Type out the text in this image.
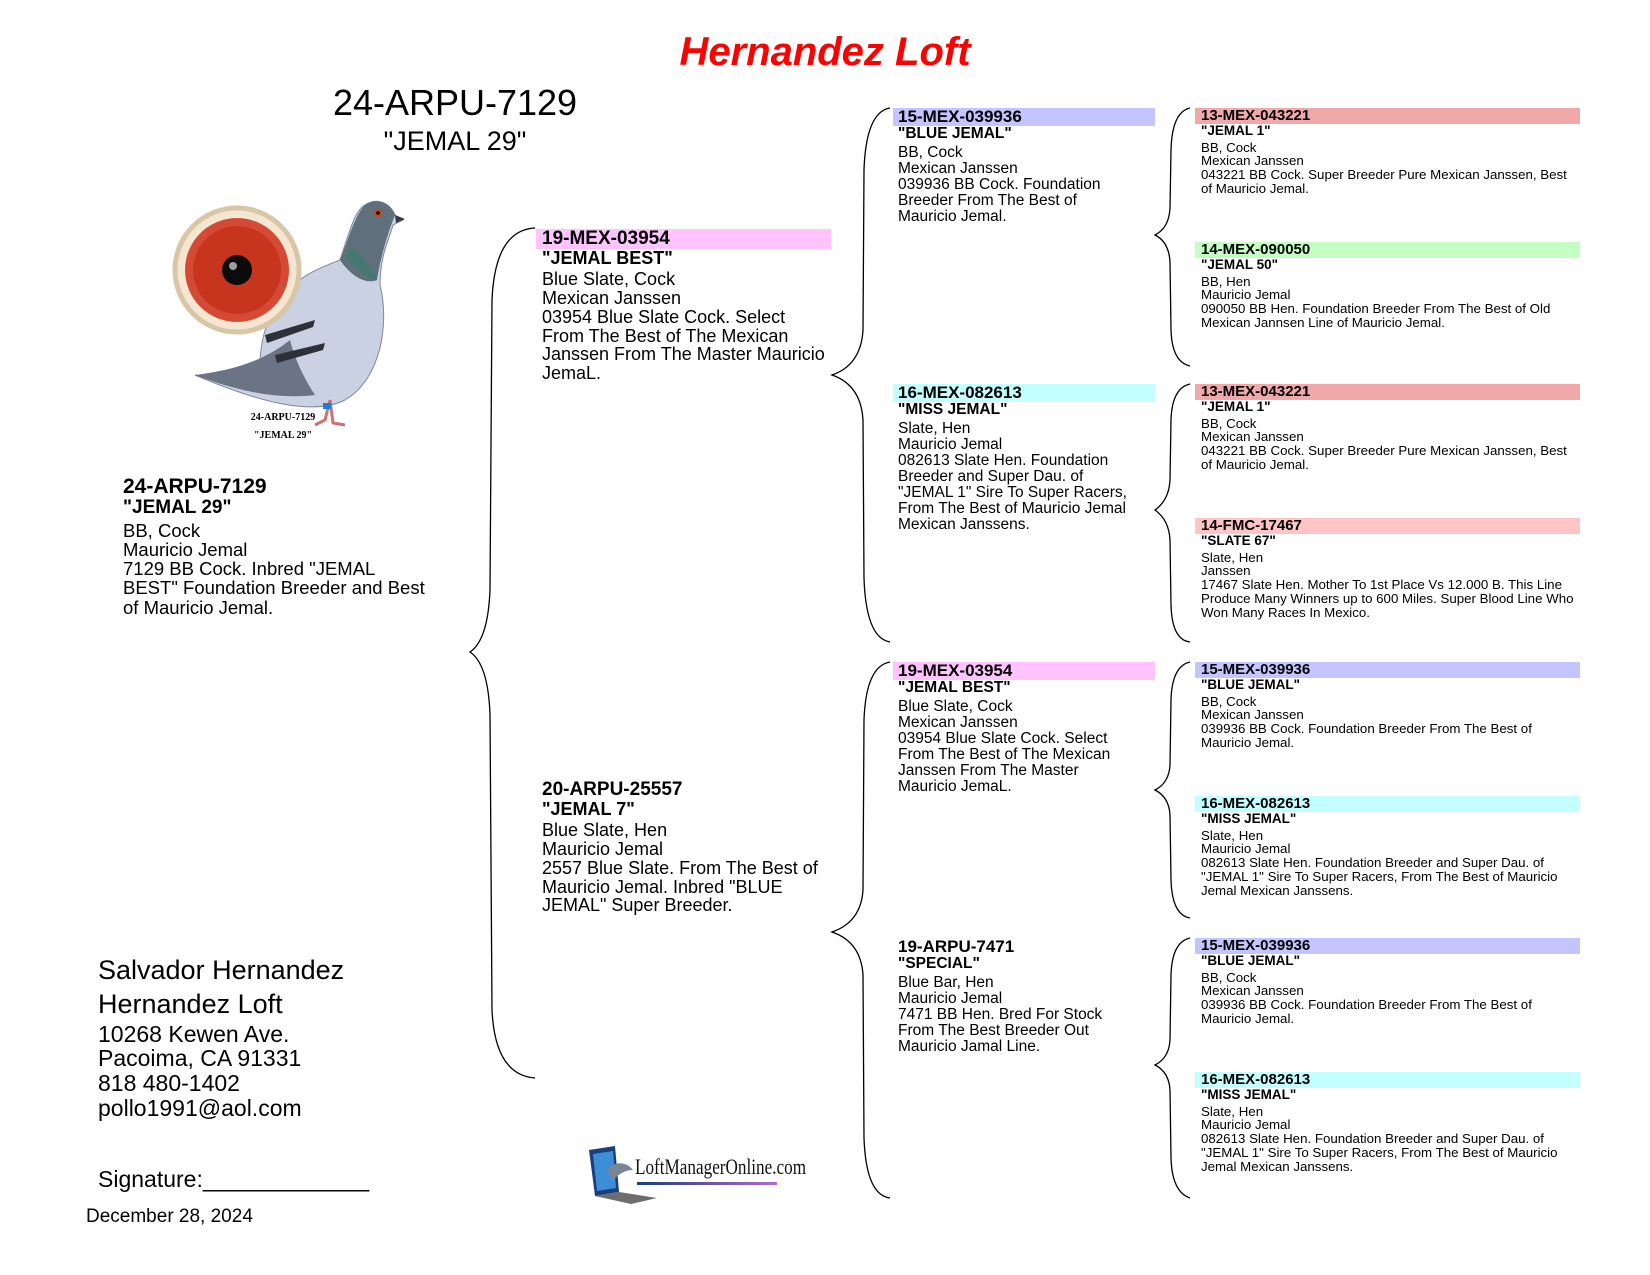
Hernandez Loft
24-ARPU-7129
"JEMAL 29"
24-ARPU-7129
"JEMAL 29"
24-ARPU-7129
"JEMAL 29"
BB, Cock
Mauricio Jemal
7129 BB Cock. Inbred "JEMAL BEST" Foundation Breeder and Best of Mauricio Jemal.
19-MEX-03954
"JEMAL BEST"
Blue Slate, Cock
Mexican Janssen
03954 Blue Slate Cock. Select From The Best of The Mexican Janssen From The Master Mauricio JemaL.
20-ARPU-25557
"JEMAL 7"
Blue Slate, Hen
Mauricio Jemal
2557 Blue Slate. From The Best of Mauricio Jemal. Inbred "BLUE JEMAL" Super Breeder.
15-MEX-039936
"BLUE JEMAL"
BB, Cock
Mexican Janssen
039936 BB Cock. Foundation Breeder From The Best of Mauricio Jemal.
16-MEX-082613
"MISS JEMAL"
Slate, Hen
Mauricio Jemal
082613 Slate Hen. Foundation Breeder and Super Dau. of "JEMAL 1" Sire To Super Racers, From The Best of Mauricio Jemal Mexican Janssens.
19-MEX-03954
"JEMAL BEST"
Blue Slate, Cock
Mexican Janssen
03954 Blue Slate Cock. Select From The Best of The Mexican Janssen From The Master Mauricio JemaL.
19-ARPU-7471
"SPECIAL"
Blue Bar, Hen
Mauricio Jemal
7471 BB Hen. Bred For Stock From The Best Breeder Out Mauricio Jamal Line.
13-MEX-043221
"JEMAL 1"
BB, Cock
Mexican Janssen
043221 BB Cock. Super Breeder Pure Mexican Janssen, Best of Mauricio Jemal.
14-MEX-090050
"JEMAL 50"
BB, Hen
Mauricio Jemal
090050 BB Hen. Foundation Breeder From The Best of Old Mexican Jannsen Line of Mauricio Jemal.
13-MEX-043221
"JEMAL 1"
BB, Cock
Mexican Janssen
043221 BB Cock. Super Breeder Pure Mexican Janssen, Best of Mauricio Jemal.
14-FMC-17467
"SLATE 67"
Slate, Hen
Janssen
17467 Slate Hen. Mother To 1st Place Vs 12.000 B. This Line Produce Many Winners up to 600 Miles. Super Blood Line Who Won Many Races In Mexico.
15-MEX-039936
"BLUE JEMAL"
BB, Cock
Mexican Janssen
039936 BB Cock. Foundation Breeder From The Best of Mauricio Jemal.
16-MEX-082613
"MISS JEMAL"
Slate, Hen
Mauricio Jemal
082613 Slate Hen. Foundation Breeder and Super Dau. of "JEMAL 1" Sire To Super Racers, From The Best of Mauricio Jemal Mexican Janssens.
15-MEX-039936
"BLUE JEMAL"
BB, Cock
Mexican Janssen
039936 BB Cock. Foundation Breeder From The Best of Mauricio Jemal.
16-MEX-082613
"MISS JEMAL"
Slate, Hen
Mauricio Jemal
082613 Slate Hen. Foundation Breeder and Super Dau. of "JEMAL 1" Sire To Super Racers, From The Best of Mauricio Jemal Mexican Janssens.
Salvador Hernandez
Hernandez Loft
10268 Kewen Ave.
Pacoima, CA 91331
818 480-1402
pollo1991@aol.com
Signature:_____________
December 28, 2024
LoftManagerOnline.com
